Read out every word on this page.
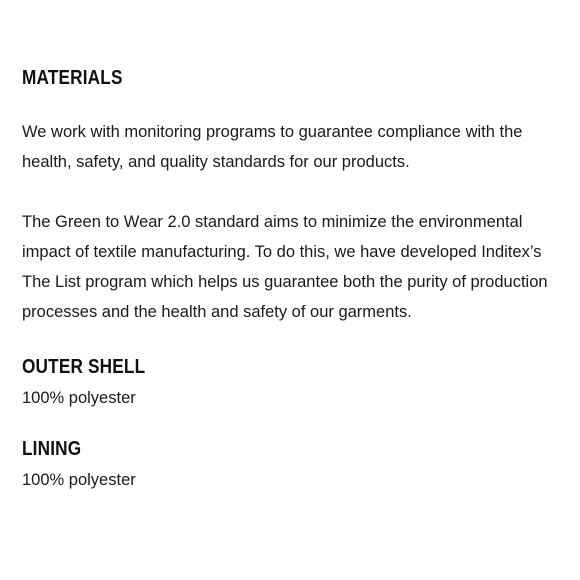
MATERIALS

We work with monitoring programs to guarantee compliance with the health, safety, and quality standards for our products.

The Green to Wear 2.0 standard aims to minimize the environmental impact of textile manufacturing. To do this, we have developed Inditex’s The List program which helps us guarantee both the purity of production processes and the health and safety of our garments.

OUTER SHELL

100% polyester

LINING

100% polyester
